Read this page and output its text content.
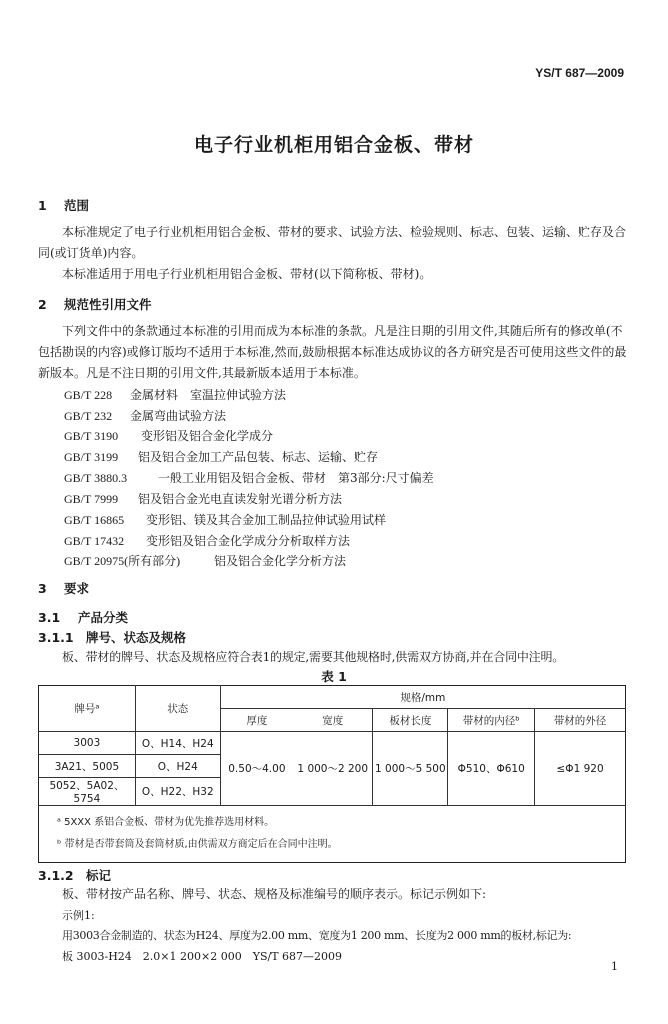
YS/T 687—2009
电子行业机柜用铝合金板、带材
1 范围
本标准规定了电子行业机柜用铝合金板、带材的要求、试验方法、检验规则、标志、包装、运输、贮存及合同(或订货单)内容。
本标准适用于用电子行业机柜用铝合金板、带材(以下简称板、带材)。
2 规范性引用文件
下列文件中的条款通过本标准的引用而成为本标准的条款。凡是注日期的引用文件,其随后所有的修改单(不包括勘误的内容)或修订版均不适用于本标准,然而,鼓励根据本标准达成协议的各方研究是否可使用这些文件的最新版本。凡是不注日期的引用文件,其最新版本适用于本标准。
GB/T 228 金属材料　室温拉伸试验方法
GB/T 232 金属弯曲试验方法
GB/T 3190 变形铝及铝合金化学成分
GB/T 3199 铝及铝合金加工产品包装、标志、运输、贮存
GB/T 3880.3	一般工业用铝及铝合金板、带材　第3部分:尺寸偏差
GB/T 7999 铝及铝合金光电直读发射光谱分析方法
GB/T 16865 变形铝、镁及其合金加工制品拉伸试验用试样
GB/T 17432 变形铝及铝合金化学成分分析取样方法
GB/T 20975(所有部分)	铝及铝合金化学分析方法
3 要求
3.1 产品分类
3.1.1 牌号、状态及规格
板、带材的牌号、状态及规格应符合表1的规定,需要其他规格时,供需双方协商,并在合同中注明。
表 1
牌号ᵃ	状态	规格/mm				
		厚度	宽度	板材长度	带材的内径ᵇ	带材的外径
3003	O、H14、H24	0.50～4.00	1 000～2 200	1 000～5 500	Φ510、Φ610	≤Φ1 920
3A21、5005	O、H24					
5052、5A02、5754	O、H22、H32					

ᵃ 5XXX 系铝合金板、带材为优先推荐选用材料。
ᵇ 带材是否带套筒及套筒材质,由供需双方商定后在合同中注明。						
3.1.2 标记
板、带材按产品名称、牌号、状态、规格及标准编号的顺序表示。标记示例如下:
示例1:
用3003合金制造的、状态为H24、厚度为2.00 mm、宽度为1 200 mm、长度为2 000 mm的板材,标记为:
板 3003-H24　2.0×1 200×2 000　YS/T 687—2009
1
